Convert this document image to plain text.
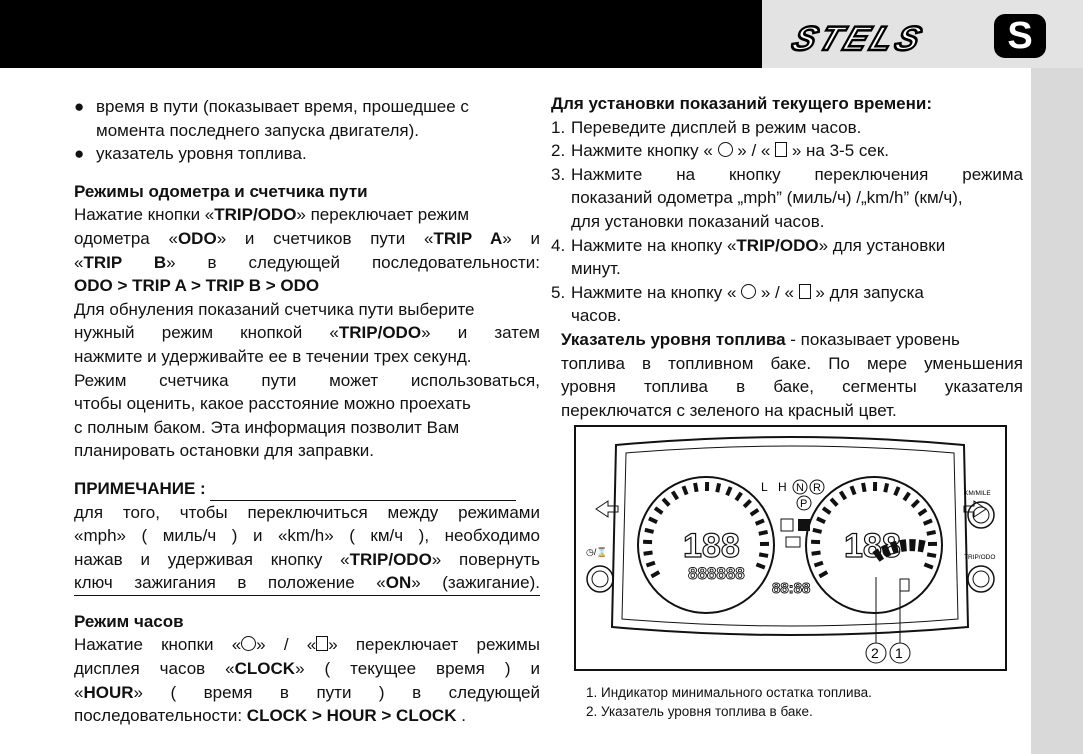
STELS S
● время в пути (показывает время, прошедшее с момента последнего запуска двигателя).
● указатель уровня топлива.

Режимы одометра и счетчика пути

Нажатие кнопки «TRIP/ODO» переключает режим

одометра «ODO» и счетчиков пути «TRIP A» и

«TRIP B» в следующей последовательности:

ODO > TRIP A > TRIP B > ODO

Для обнуления показаний счетчика пути выберите

нужный режим кнопкой «TRIP/ODO» и затем

нажмите и удерживайте ее в течении трех секунд.

Режим счетчика пути может использоваться,

чтобы оценить, какое расстояние можно проехать

с полным баком. Эта информация позволит Вам

планировать остановки для заправки.

ПРИМЕЧАНИЕ :

для того, чтобы переключиться между режимами

«mph» ( миль/ч ) и «km/h» ( км/ч ), необходимо

нажав и удерживая кнопку «TRIP/ODO» повернуть

ключ зажигания в положение «ON» (зажигание).

Режим часов

Нажатие кнопки « » / « » переключает режимы

дисплея часов «CLOCK» ( текущее время ) и

«HOUR» ( время в пути ) в следующей

последовательности: CLOCK > HOUR > CLOCK .

Для установки показаний текущего времени:

1. Переведите дисплей в режим часов.
2. Нажмите кнопку «  » / «  » на 3-5 сек.
3. Нажмите на кнопку переключения режима
показаний одометра „mph” (миль/ч) /„km/h” (км/ч),
для установки показаний часов.
4. Нажмите на кнопку «TRIP/ODO» для установки
минут.
5. Нажмите на кнопку «  » / «  » для запуска
часов.

Указатель уровня топлива - показывает уровень

топлива в топливном баке. По мере уменьшения

уровня топлива в баке, сегменты указателя

переключатся с зеленого на красный цвет.

188	188
888888
88:88
L H N R
P
◷/⌛
KM/MILE
TRIP/ODO
2 1
1. Индикатор минимального остатка топлива.
2. Указатель уровня топлива в баке.
